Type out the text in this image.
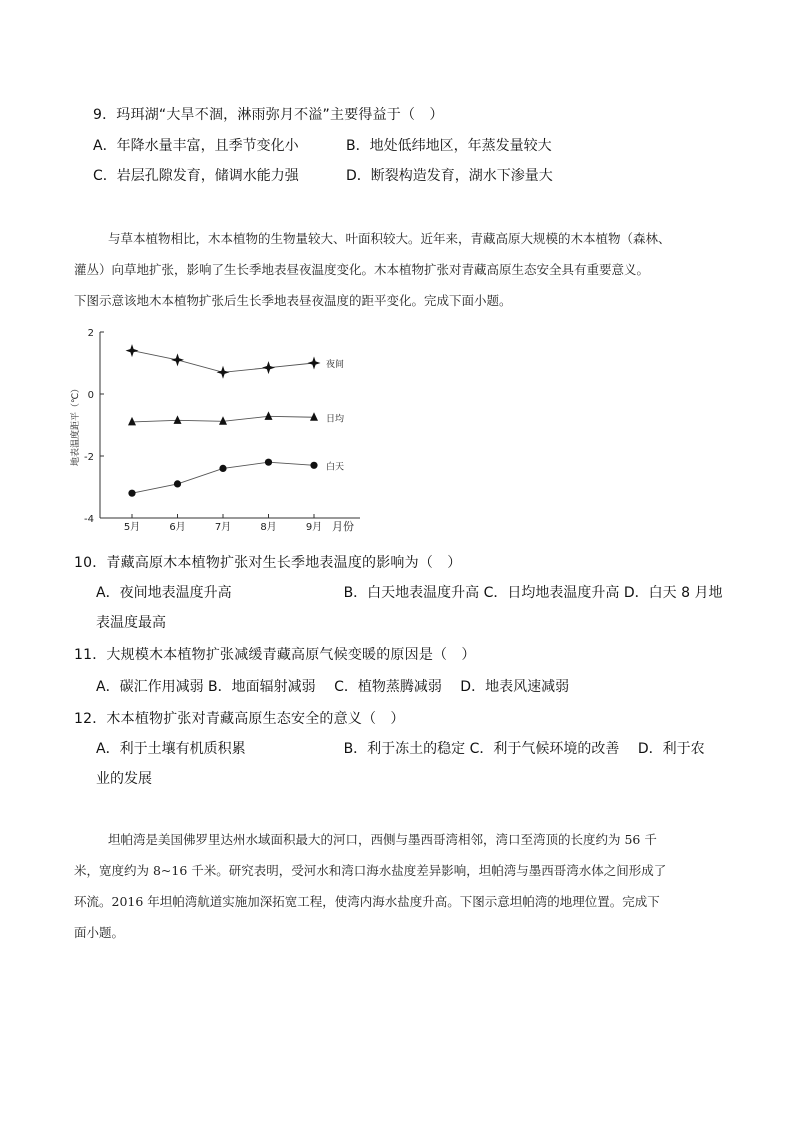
9．玛珥湖“大旱不涸，淋雨弥月不溢”主要得益于（　）
A．年降水量丰富，且季节变化小	B．地处低纬地区，年蒸发量较大
C．岩层孔隙发育，储调水能力强	D．断裂构造发育，湖水下渗量大
与草本植物相比，木本植物的生物量较大、叶面积较大。近年来，青藏高原大规模的木本植物（森林、
灌丛）向草地扩张，影响了生长季地表昼夜温度变化。木本植物扩张对青藏高原生态安全具有重要意义。
下图示意该地木本植物扩张后生长季地表昼夜温度的距平变化。完成下面小题。
2
0
-2
-4
5月	6月	7月	8月	9月 月份
地表温度距平（℃）
夜间
日均
白天
10．青藏高原木本植物扩张对生长季地表温度的影响为（　）
A．夜间地表温度升高　　　　　　　　B．白天地表温度升高 C．日均地表温度升高 D．白天 8 月地
表温度最高
11．大规模木本植物扩张减缓青藏高原气候变暖的原因是（　）
A．碳汇作用减弱 B．地面辐射减弱　 C．植物蒸腾减弱　 D．地表风速减弱
12．木本植物扩张对青藏高原生态安全的意义（　）
A．利于土壤有机质积累　　　　　　　B．利于冻土的稳定 C．利于气候环境的改善　 D．利于农
业的发展
坦帕湾是美国佛罗里达州水域面积最大的河口，西侧与墨西哥湾相邻，湾口至湾顶的长度约为 56 千
米，宽度约为 8~16 千米。研究表明，受河水和湾口海水盐度差异影响，坦帕湾与墨西哥湾水体之间形成了
环流。2016 年坦帕湾航道实施加深拓宽工程，使湾内海水盐度升高。下图示意坦帕湾的地理位置。完成下
面小题。
